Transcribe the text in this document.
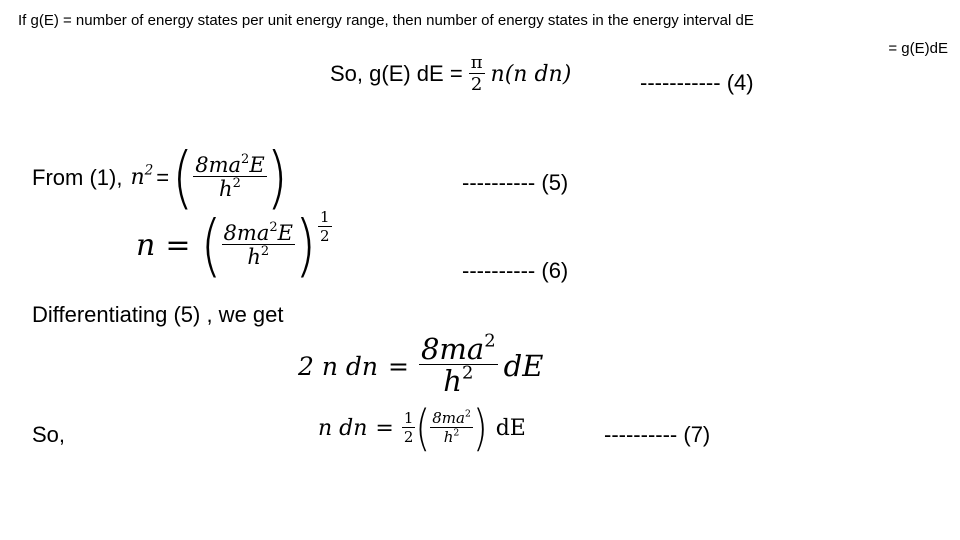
If g(E) = number of energy states per unit energy range, then number of energy states in the energy interval dE
= g(E)dE
So, g(E) dE = $\frac{\pi}{2} n(n$ dn)	----------- (4)
From (1), $n^2$ = ( $\frac{8ma^2E}{h^2}$ )	---------- (5)
n = ( $\frac{8ma^2E}{h^2}$ ) $\frac{1}{2}$
---------- (6)
Differentiating (5) , we get
2 n dn = $\frac{8ma^2}{h^2}$ dE
So,	n dn = $\frac{1}{2}$ ( $\frac{8ma^2}{h^2}$ ) dE	---------- (7)
